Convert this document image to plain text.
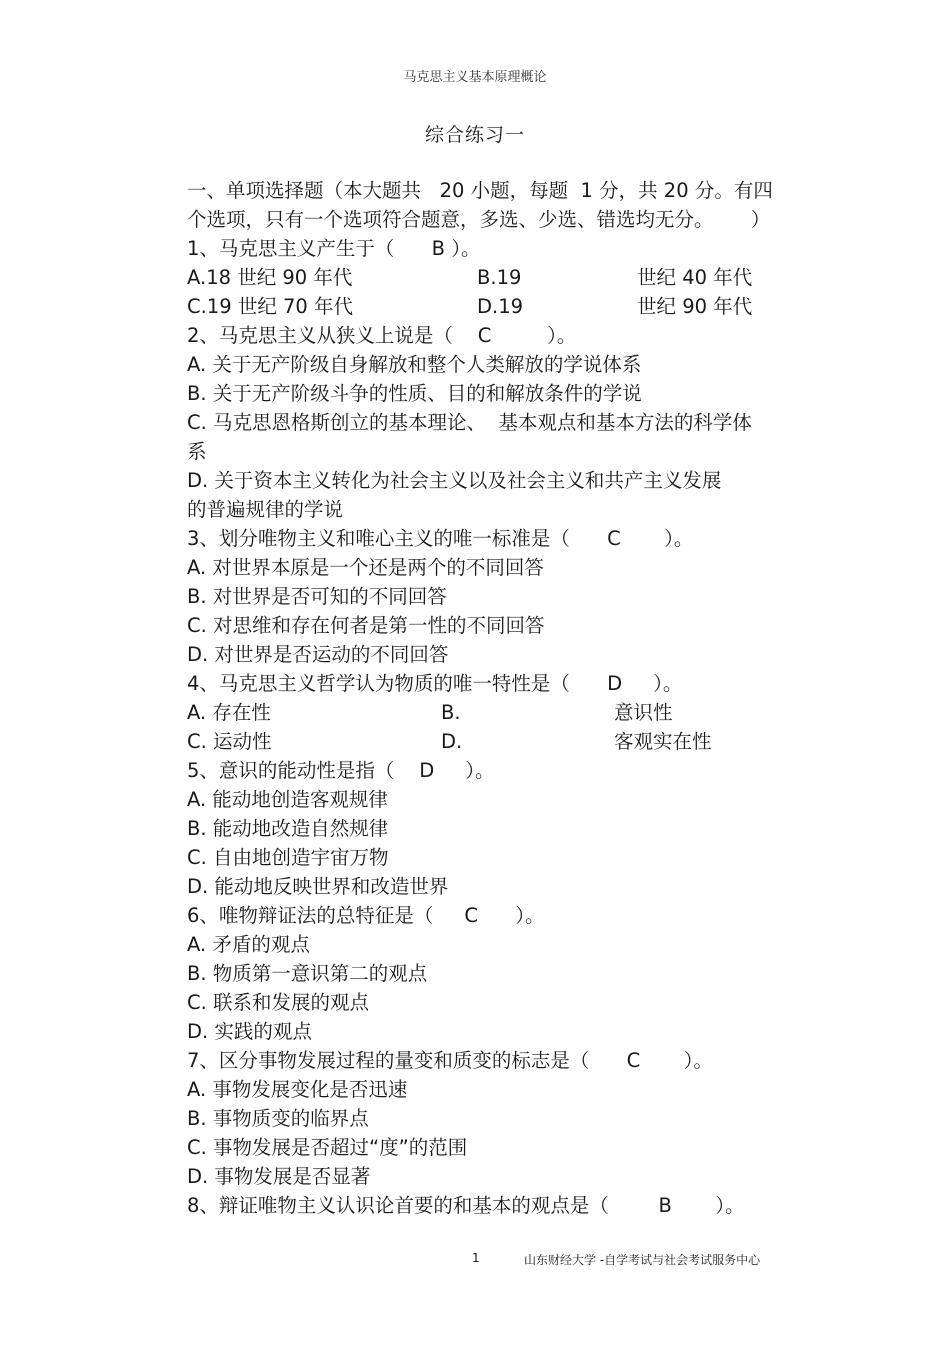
马克思主义基本原理概论
综合练习一
一、单项选择题（本大题共   20 小题，每题  1 分，共 20 分。有四
个选项，只有一个选项符合题意，多选、少选、错选均无分。      ）
1、马克思主义产生于（      B ）。
A.18 世纪 90 年代	B.19	世纪 40 年代
C.19 世纪 70 年代	D.19	世纪 90 年代
2、马克思主义从狭义上说是（    C         ）。
A. 关于无产阶级自身解放和整个人类解放的学说体系
B. 关于无产阶级斗争的性质、目的和解放条件的学说
C. 马克思恩格斯创立的基本理论、  基本观点和基本方法的科学体
系
D. 关于资本主义转化为社会主义以及社会主义和共产主义发展
的普遍规律的学说
3、划分唯物主义和唯心主义的唯一标准是（      C       ）。
A. 对世界本原是一个还是两个的不同回答
B. 对世界是否可知的不同回答
C. 对思维和存在何者是第一性的不同回答
D. 对世界是否运动的不同回答
4、马克思主义哲学认为物质的唯一特性是（      D     ）。
A. 存在性	B.	意识性
C. 运动性	D.	客观实在性
5、意识的能动性是指（    D     ）。
A. 能动地创造客观规律
B. 能动地改造自然规律
C. 自由地创造宇宙万物
D. 能动地反映世界和改造世界
6、唯物辩证法的总特征是（     C      ）。
A. 矛盾的观点
B. 物质第一意识第二的观点
C. 联系和发展的观点
D. 实践的观点
7、区分事物发展过程的量变和质变的标志是（      C       ）。
A. 事物发展变化是否迅速
B. 事物质变的临界点
C. 事物发展是否超过“度”的范围
D. 事物发展是否显著
8、辩证唯物主义认识论首要的和基本的观点是（        B       ）。
1	山东财经大学 -自学考试与社会考试服务中心
